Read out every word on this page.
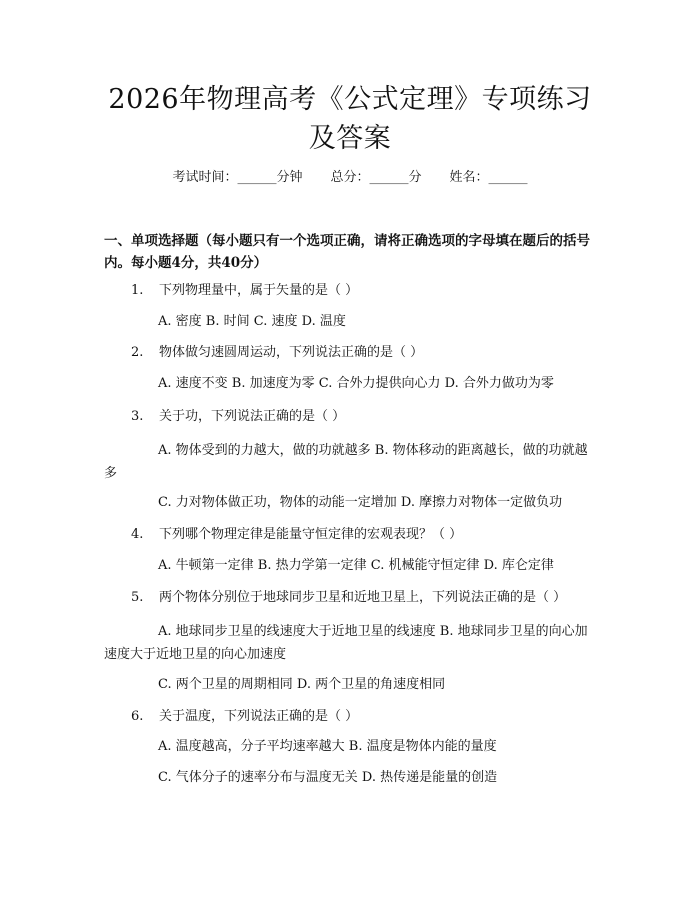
2026年物理高考《公式定理》专项练习及答案
考试时间：______分钟 总分：______分 姓名：______
一、单项选择题（每小题只有一个选项正确，请将正确选项的字母填在题后的括号内。每小题4分，共40分）
1. 下列物理量中，属于矢量的是（ ）
A. 密度 B. 时间 C. 速度 D. 温度
2. 物体做匀速圆周运动，下列说法正确的是（ ）
A. 速度不变 B. 加速度为零 C. 合外力提供向心力 D. 合外力做功为零
3. 关于功，下列说法正确的是（ ）
A. 物体受到的力越大，做的功就越多 B. 物体移动的距离越长，做的功就越多
C. 力对物体做正功，物体的动能一定增加 D. 摩擦力对物体一定做负功
4. 下列哪个物理定律是能量守恒定律的宏观表现？（ ）
A. 牛顿第一定律 B. 热力学第一定律 C. 机械能守恒定律 D. 库仑定律
5. 两个物体分别位于地球同步卫星和近地卫星上，下列说法正确的是（ ）
A. 地球同步卫星的线速度大于近地卫星的线速度 B. 地球同步卫星的向心加速度大于近地卫星的向心加速度
C. 两个卫星的周期相同 D. 两个卫星的角速度相同
6. 关于温度，下列说法正确的是（ ）
A. 温度越高，分子平均速率越大 B. 温度是物体内能的量度
C. 气体分子的速率分布与温度无关 D. 热传递是能量的创造
